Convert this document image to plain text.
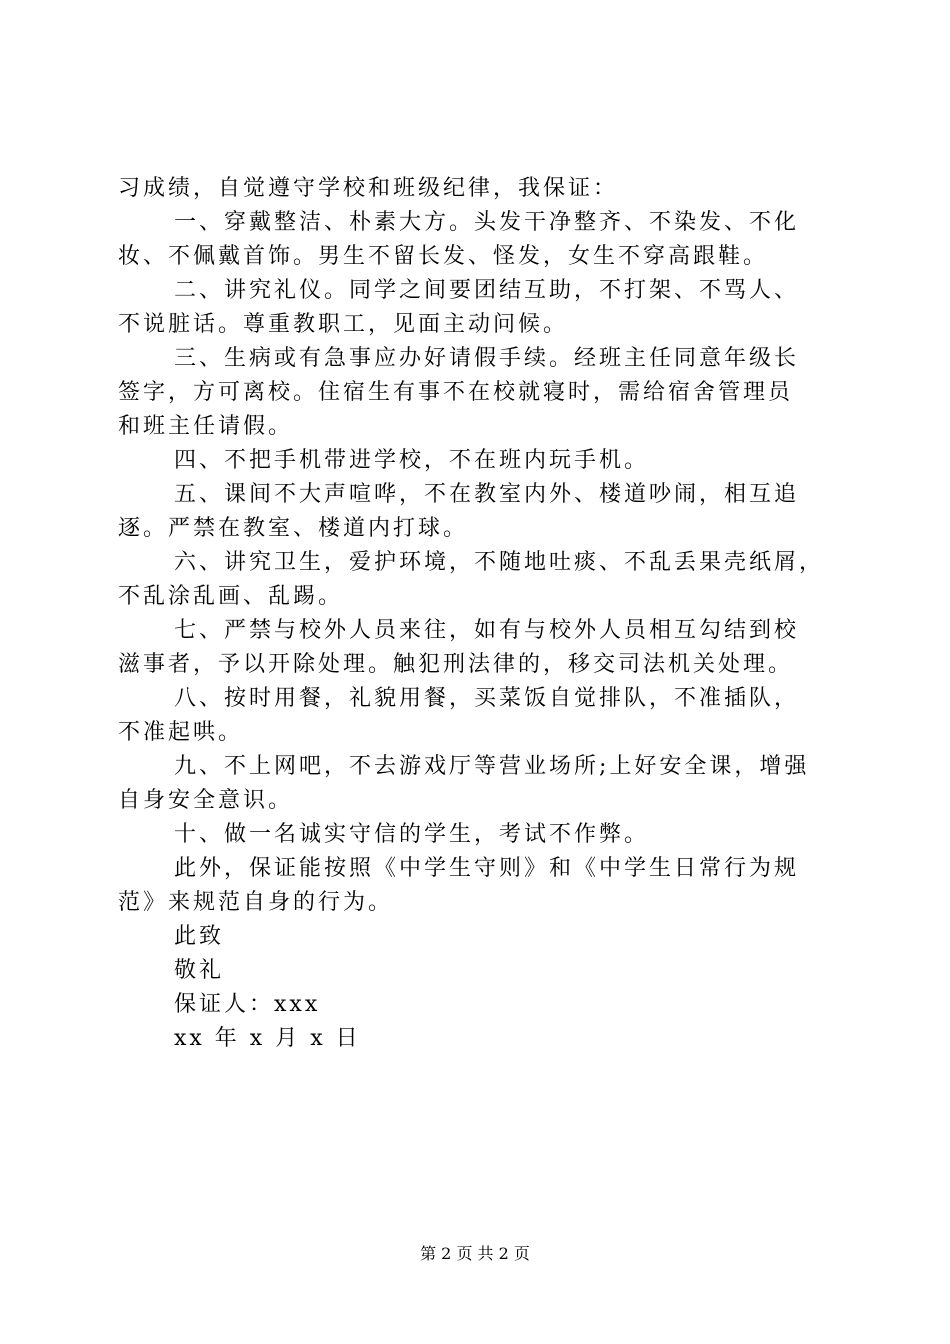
习成绩，自觉遵守学校和班级纪律，我保证：
一、穿戴整洁、朴素大方。头发干净整齐、不染发、不化
妆、不佩戴首饰。男生不留长发、怪发，女生不穿高跟鞋。
二、讲究礼仪。同学之间要团结互助，不打架、不骂人、
不说脏话。尊重教职工，见面主动问候。
三、生病或有急事应办好请假手续。经班主任同意年级长
签字，方可离校。住宿生有事不在校就寝时，需给宿舍管理员
和班主任请假。
四、不把手机带进学校，不在班内玩手机。
五、课间不大声喧哗，不在教室内外、楼道吵闹，相互追
逐。严禁在教室、楼道内打球。
六、讲究卫生，爱护环境，不随地吐痰、不乱丢果壳纸屑，
不乱涂乱画、乱踢。
七、严禁与校外人员来往，如有与校外人员相互勾结到校
滋事者，予以开除处理。触犯刑法律的，移交司法机关处理。
八、按时用餐，礼貌用餐，买菜饭自觉排队，不准插队，
不准起哄。
九、不上网吧，不去游戏厅等营业场所;上好安全课，增强
自身安全意识。
十、做一名诚实守信的学生，考试不作弊。
此外，保证能按照《中学生守则》和《中学生日常行为规
范》来规范自身的行为。
此致
敬礼
保证人：xxx
xx 年 x 月 x 日
第 2 页 共 2 页
